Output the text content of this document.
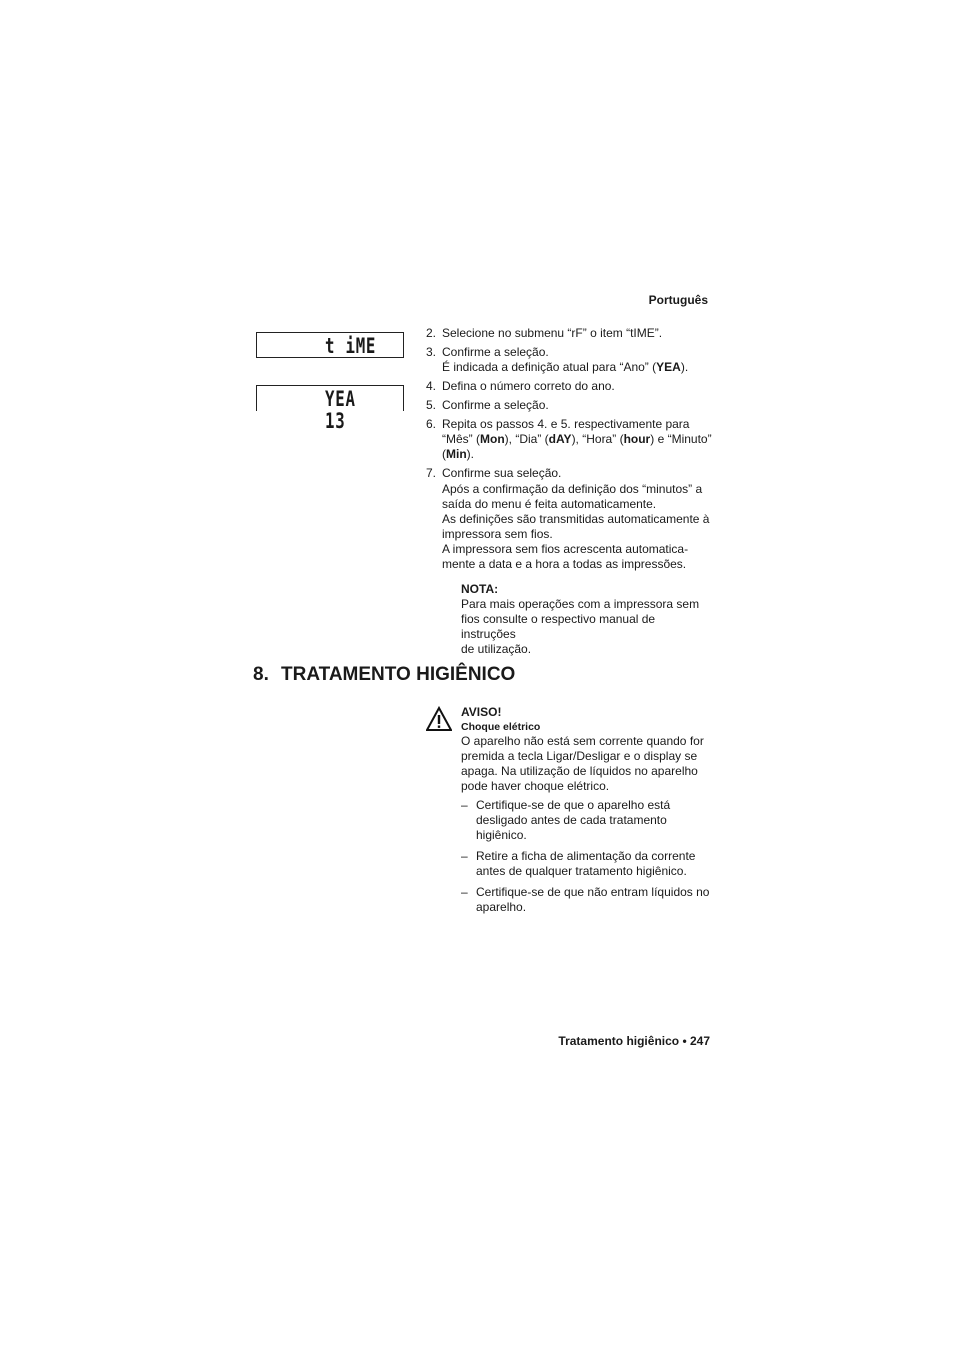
Português
t iME
YEA 13
2. Selecione no submenu “rF” o item “tIME”.

3. Confirme a seleção.

É indicada a definição atual para “Ano” (YEA).

4. Defina o número correto do ano.

5. Confirme a seleção.

6. Repita os passos 4. e 5. respectivamente para

“Mês” (Mon), “Dia” (dAY), “Hora” (hour) e “Minuto”

(Min).

7. Confirme sua seleção.

Após a confirmação da definição dos “minutos” a

saída do menu é feita automaticamente.

As definições são transmitidas automaticamente à

impressora sem fios.

A impressora sem fios acrescenta automatica-

mente a data e a hora a todas as impressões.

NOTA:

Para mais operações com a impressora sem

fios consulte o respectivo manual de instruções

de utilização.

8. TRATAMENTO HIGIÊNICO

AVISO!

Choque elétrico

O aparelho não está sem corrente quando for

premida a tecla Ligar/Desligar e o display se

apaga. Na utilização de líquidos no aparelho

pode haver choque elétrico.

– Certifique-se de que o aparelho está

desligado antes de cada tratamento

higiênico.

– Retire a ficha de alimentação da corrente

antes de qualquer tratamento higiênico.

– Certifique-se de que não entram líquidos no

aparelho.

Tratamento higiênico • 247
